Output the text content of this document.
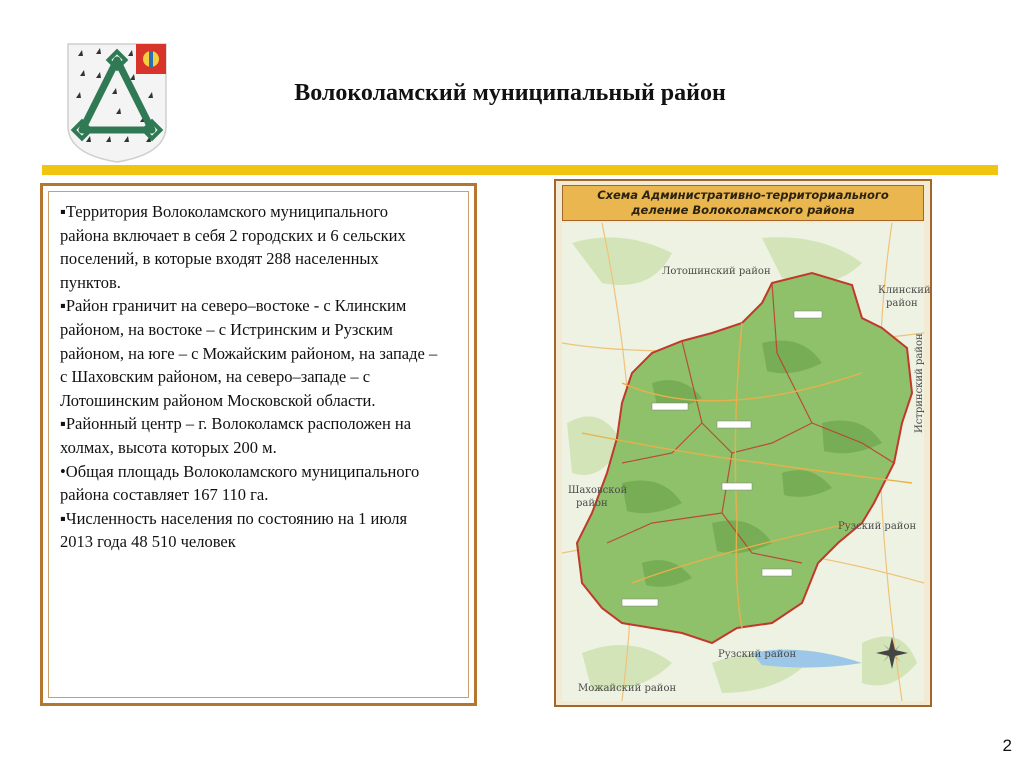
Волоколамский муниципальный район
▪Территория Волоколамского муниципального района включает в себя 2 городских и 6 сельских поселений, в которые входят 288 населенных пунктов.
▪Район граничит на северо–востоке - с Клинским районом, на востоке – с Истринским и Рузским районом, на юге – с Можайским районом, на западе – с Шаховским районом, на северо–западе – с Лотошинским районом Московской области.
▪Районный центр – г. Волоколамск расположен на холмах, высота которых 200 м.
•Общая площадь Волоколамского муниципального района составляет 167 110 га.
▪Численность населения по состоянию на 1 июля 2013 года 48 510 человек
Схема Административно-территориального
деление Волоколамского района
Лотошинский район
Клинский
район
Истринский район
Шаховской
район
Рузский район
Рузский район
Можайский район
2
